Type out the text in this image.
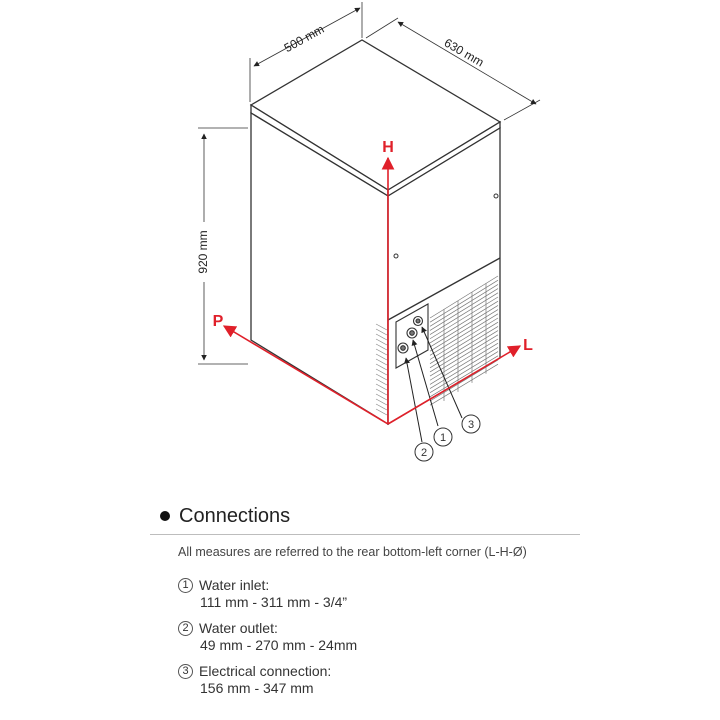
2
1
3
H
L
P
500 mm	630 mm
920 mm
Connections
All measures are referred to the rear bottom-left corner (L-H-Ø)
1 Water inlet:
111 mm - 311 mm - 3/4”
2 Water outlet:
49 mm - 270 mm - 24mm
3 Electrical connection:
156 mm - 347 mm
